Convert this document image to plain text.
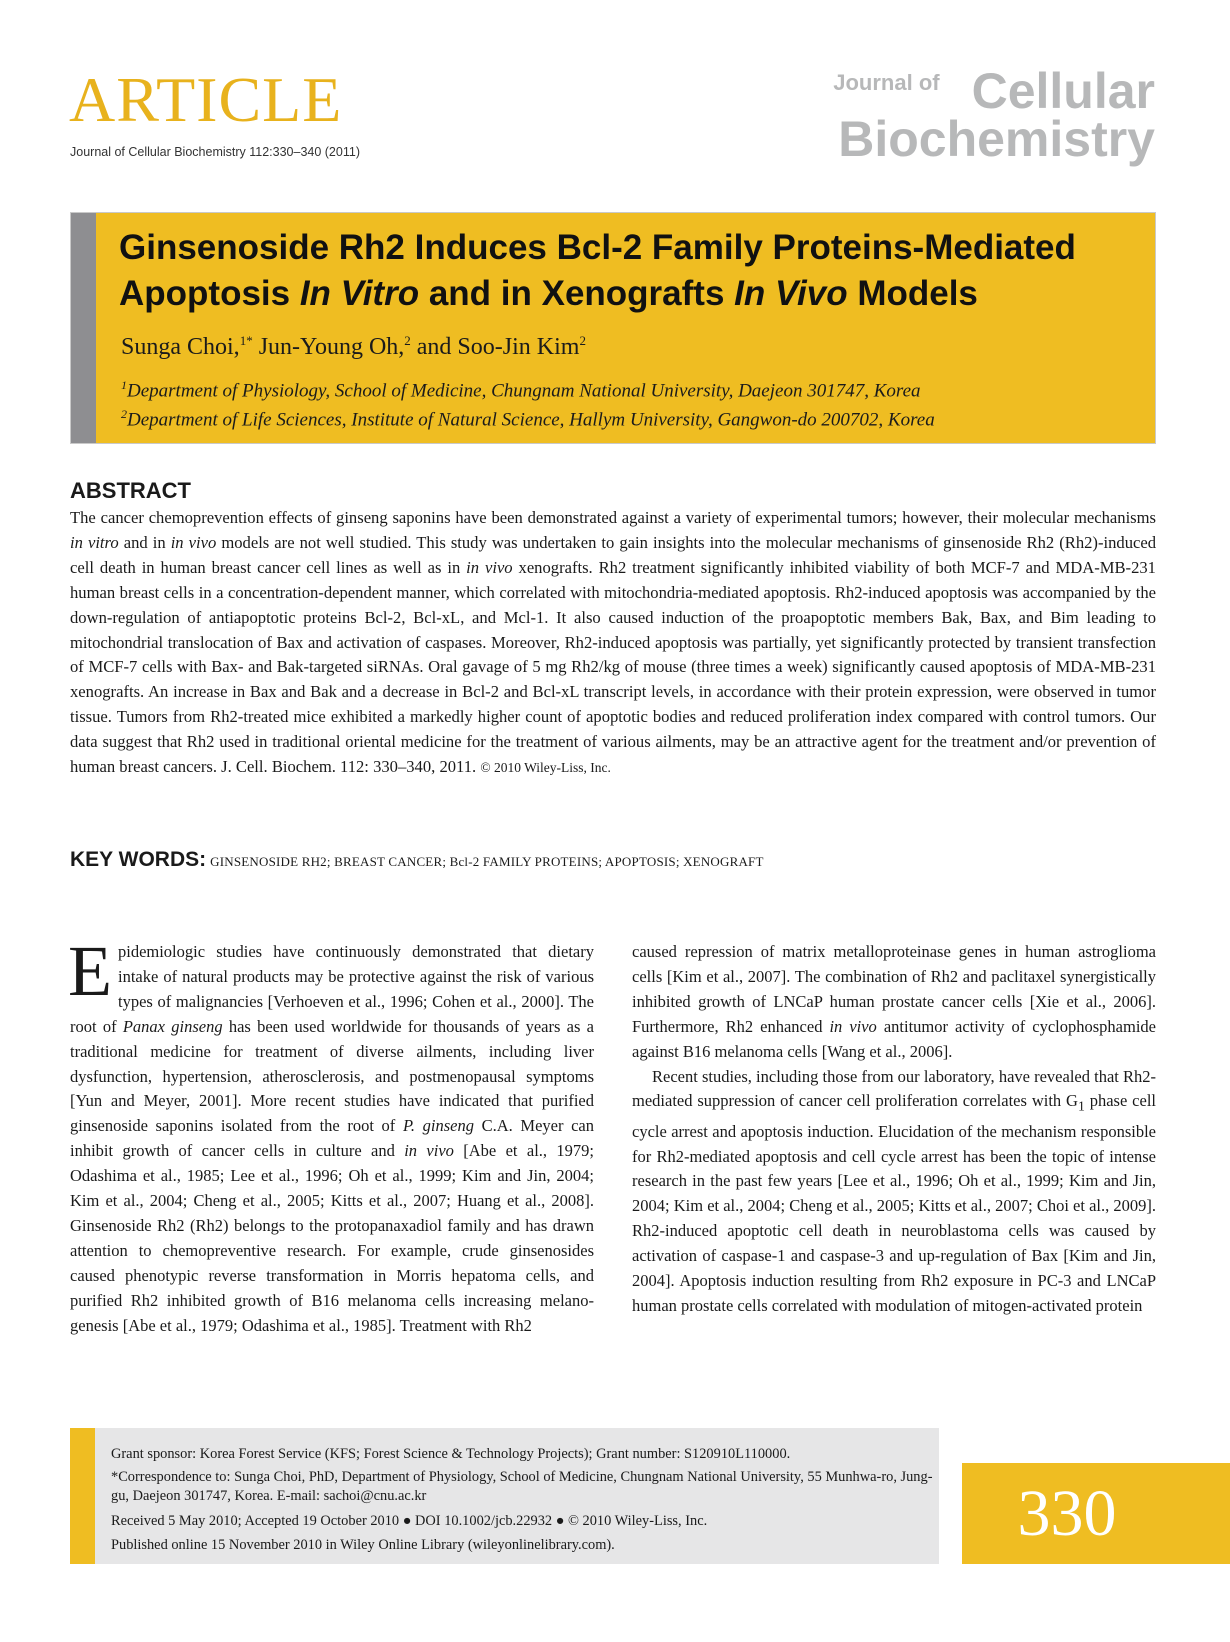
ARTICLE
Journal of Cellular Biochemistry 112:330–340 (2011)
Journal of Cellular
Biochemistry
Ginsenoside Rh2 Induces Bcl-2 Family Proteins-Mediated Apoptosis In Vitro and in Xenografts In Vivo Models
Sunga Choi,$^{1*}$ Jun-Young Oh,$^2$ and Soo-Jin Kim$^2$
$^1$Department of Physiology, School of Medicine, Chungnam National University, Daejeon 301747, Korea
$^2$Department of Life Sciences, Institute of Natural Science, Hallym University, Gangwon-do 200702, Korea
ABSTRACT
The cancer chemoprevention effects of ginseng saponins have been demonstrated against a variety of experimental tumors; however, their molecular mechanisms in vitro and in in vivo models are not well studied. This study was undertaken to gain insights into the molecular mechanisms of ginsenoside Rh2 (Rh2)-induced cell death in human breast cancer cell lines as well as in in vivo xenografts. Rh2 treatment significantly inhibited viability of both MCF-7 and MDA-MB-231 human breast cells in a concentration-dependent manner, which correlated with mitochondria-mediated apoptosis. Rh2-induced apoptosis was accompanied by the down-regulation of antiapoptotic proteins Bcl-2, Bcl-xL, and Mcl-1. It also caused induction of the proapoptotic members Bak, Bax, and Bim leading to mitochondrial translocation of Bax and activation of caspases. Moreover, Rh2-induced apoptosis was partially, yet significantly protected by transient transfection of MCF-7 cells with Bax- and Bak-targeted siRNAs. Oral gavage of 5 mg Rh2/kg of mouse (three times a week) significantly caused apoptosis of MDA-MB-231 xenografts. An increase in Bax and Bak and a decrease in Bcl-2 and Bcl-xL transcript levels, in accordance with their protein expression, were observed in tumor tissue. Tumors from Rh2-treated mice exhibited a markedly higher count of apoptotic bodies and reduced proliferation index compared with control tumors. Our data suggest that Rh2 used in traditional oriental medicine for the treatment of various ailments, may be an attractive agent for the treatment and/or prevention of human breast cancers. J. Cell. Biochem. 112: 330–340, 2011. © 2010 Wiley-Liss, Inc.
KEY WORDS: GINSENOSIDE RH2; BREAST CANCER; Bcl-2 FAMILY PROTEINS; APOPTOSIS; XENOGRAFT

Epidemiologic studies have continuously demonstrated that dietary intake of natural products may be protective against the risk of various types of malignancies [Verhoeven et al., 1996; Cohen et al., 2000]. The root of Panax ginseng has been used worldwide for thousands of years as a traditional medicine for treatment of diverse ailments, including liver dysfunction, hypertension, atherosclerosis, and postmenopausal symptoms [Yun and Meyer, 2001]. More recent studies have indicated that purified ginsenoside saponins isolated from the root of P. ginseng C.A. Meyer can inhibit growth of cancer cells in culture and in vivo [Abe et al., 1979; Odashima et al., 1985; Lee et al., 1996; Oh et al., 1999; Kim and Jin, 2004; Kim et al., 2004; Cheng et al., 2005; Kitts et al., 2007; Huang et al., 2008]. Ginsenoside Rh2 (Rh2) belongs to the protopanaxadiol family and has drawn attention to chemopreventive research. For example, crude ginsenosides caused phenotypic reverse transformation in Morris hepatoma cells, and purified Rh2 inhibited growth of B16 melanoma cells increasing melanogenesis [Abe et al., 1979; Odashima et al., 1985]. Treatment with Rh2

caused repression of matrix metalloproteinase genes in human astroglioma cells [Kim et al., 2007]. The combination of Rh2 and paclitaxel synergistically inhibited growth of LNCaP human prostate cancer cells [Xie et al., 2006]. Furthermore, Rh2 enhanced in vivo antitumor activity of cyclophosphamide against B16 melanoma cells [Wang et al., 2006].

Recent studies, including those from our laboratory, have revealed that Rh2-mediated suppression of cancer cell proliferation correlates with $G_1$ phase cell cycle arrest and apoptosis induction. Elucidation of the mechanism responsible for Rh2-mediated apoptosis and cell cycle arrest has been the topic of intense research in the past few years [Lee et al., 1996; Oh et al., 1999; Kim and Jin, 2004; Kim et al., 2004; Cheng et al., 2005; Kitts et al., 2007; Choi et al., 2009]. Rh2-induced apoptotic cell death in neuroblastoma cells was caused by activation of caspase-1 and caspase-3 and up-regulation of Bax [Kim and Jin, 2004]. Apoptosis induction resulting from Rh2 exposure in PC-3 and LNCaP human prostate cells correlated with modulation of mitogen-activated protein

Grant sponsor: Korea Forest Service (KFS; Forest Science & Technology Projects); Grant number: S120910L110000.
*Correspondence to: Sunga Choi, PhD, Department of Physiology, School of Medicine, Chungnam National University, 55 Munhwa-ro, Jung-gu, Daejeon 301747, Korea. E-mail: sachoi@cnu.ac.kr
Received 5 May 2010; Accepted 19 October 2010 ● DOI 10.1002/jcb.22932 ● © 2010 Wiley-Liss, Inc.
Published online 15 November 2010 in Wiley Online Library (wileyonlinelibrary.com).	330
